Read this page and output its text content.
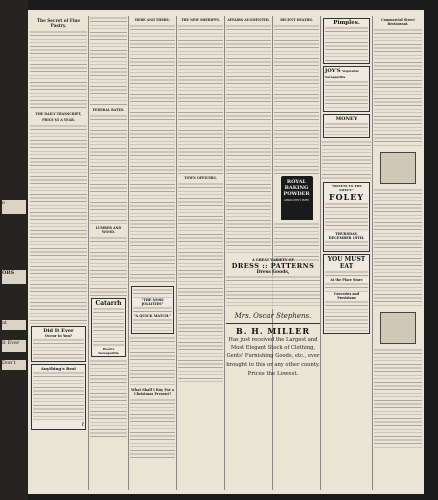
o
ORS
at
It Ever
Don't
The Secret of Fine Pastry.
THE DAILY TRANSCRIPT,
PRICE $5 A YEAR.
Did It Ever
Occur to You?
Anything's Best
ℓ
FEDERAL RATES.
LUMBER AND WOOD.
Catarrh
Hood's Sarsaparilla
HERE AND THERE.
"THE NOSS JOLLITIES"
"A QUICK MATCH."
What Shall I Buy For a Christmas Present?
THE NEW SHERIFFS.
TOWN OFFICERS.
AFFAIRS AUGMENTED.	RECENT DEATHS.
ROYAL
BAKING
POWDER
ABSOLUTELY PURE
A GREAT VARIETY OF
DRESS :: PATTERNS
Dress Goods,
Mrs. Oscar Stephens.
B. H. MILLER
Has just received the Largest and Most Elegant Stock of Clothing, Gents' Furnishing Goods, etc., ever brought to this or any other county.
Prices the Lowest.
Pimples.
JOY'S Vegetable Sarsaparilla
MONEY
"SWEETS TO THE SWEET."
FOLEY
THURSDAY, DECEMBER 19TH.
YOU MUST EAT
At the Place Store
Groceries and Provisions
Commercial Street Restaurant.
